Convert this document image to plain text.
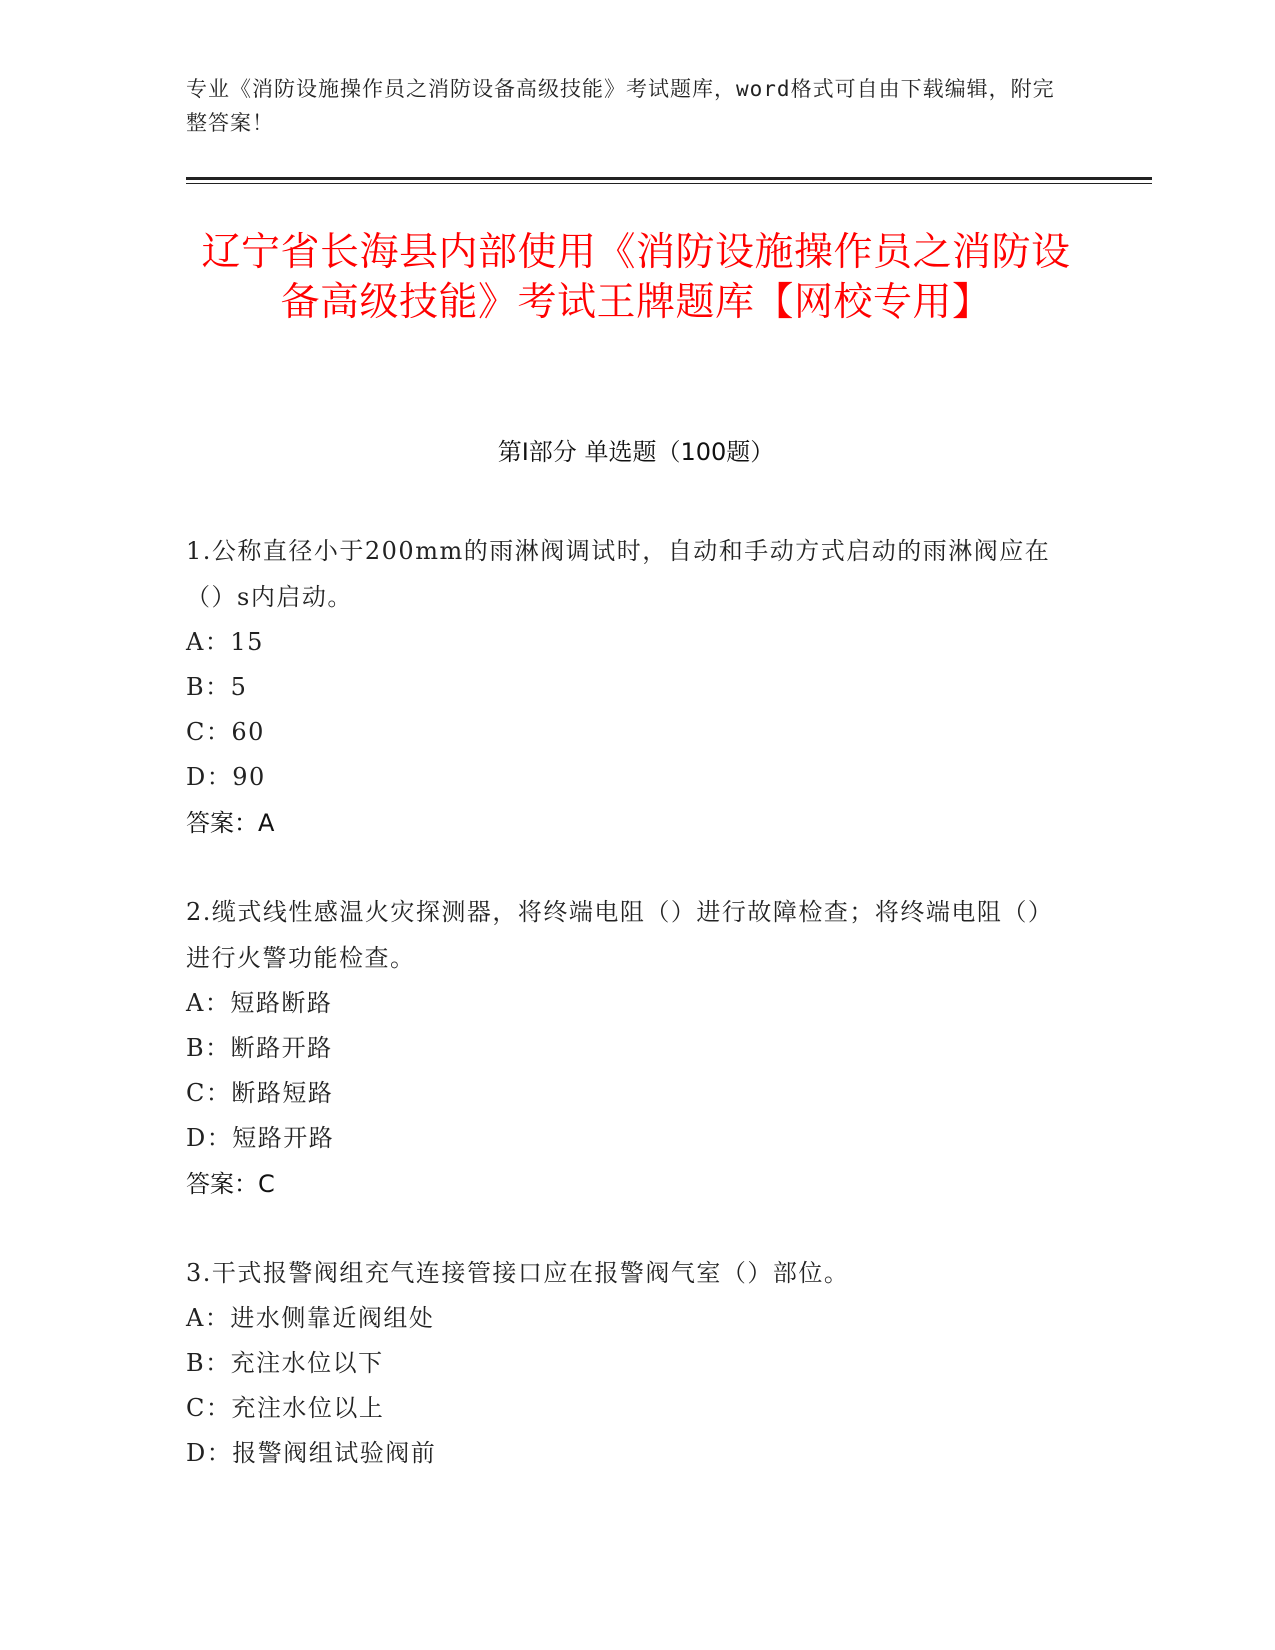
专业《消防设施操作员之消防设备高级技能》考试题库，word格式可自由下载编辑，附完整答案！
辽宁省长海县内部使用《消防设施操作员之消防设备高级技能》考试王牌题库【网校专用】
第I部分 单选题（100题）
1.公称直径小于200mm的雨淋阀调试时，自动和手动方式启动的雨淋阀应在（）s内启动。
A：15
B：5
C：60
D：90
答案：A
2.缆式线性感温火灾探测器，将终端电阻（）进行故障检查；将终端电阻（）进行火警功能检查。
A：短路断路
B：断路开路
C：断路短路
D：短路开路
答案：C
3.干式报警阀组充气连接管接口应在报警阀气室（）部位。
A：进水侧靠近阀组处
B：充注水位以下
C：充注水位以上
D：报警阀组试验阀前
